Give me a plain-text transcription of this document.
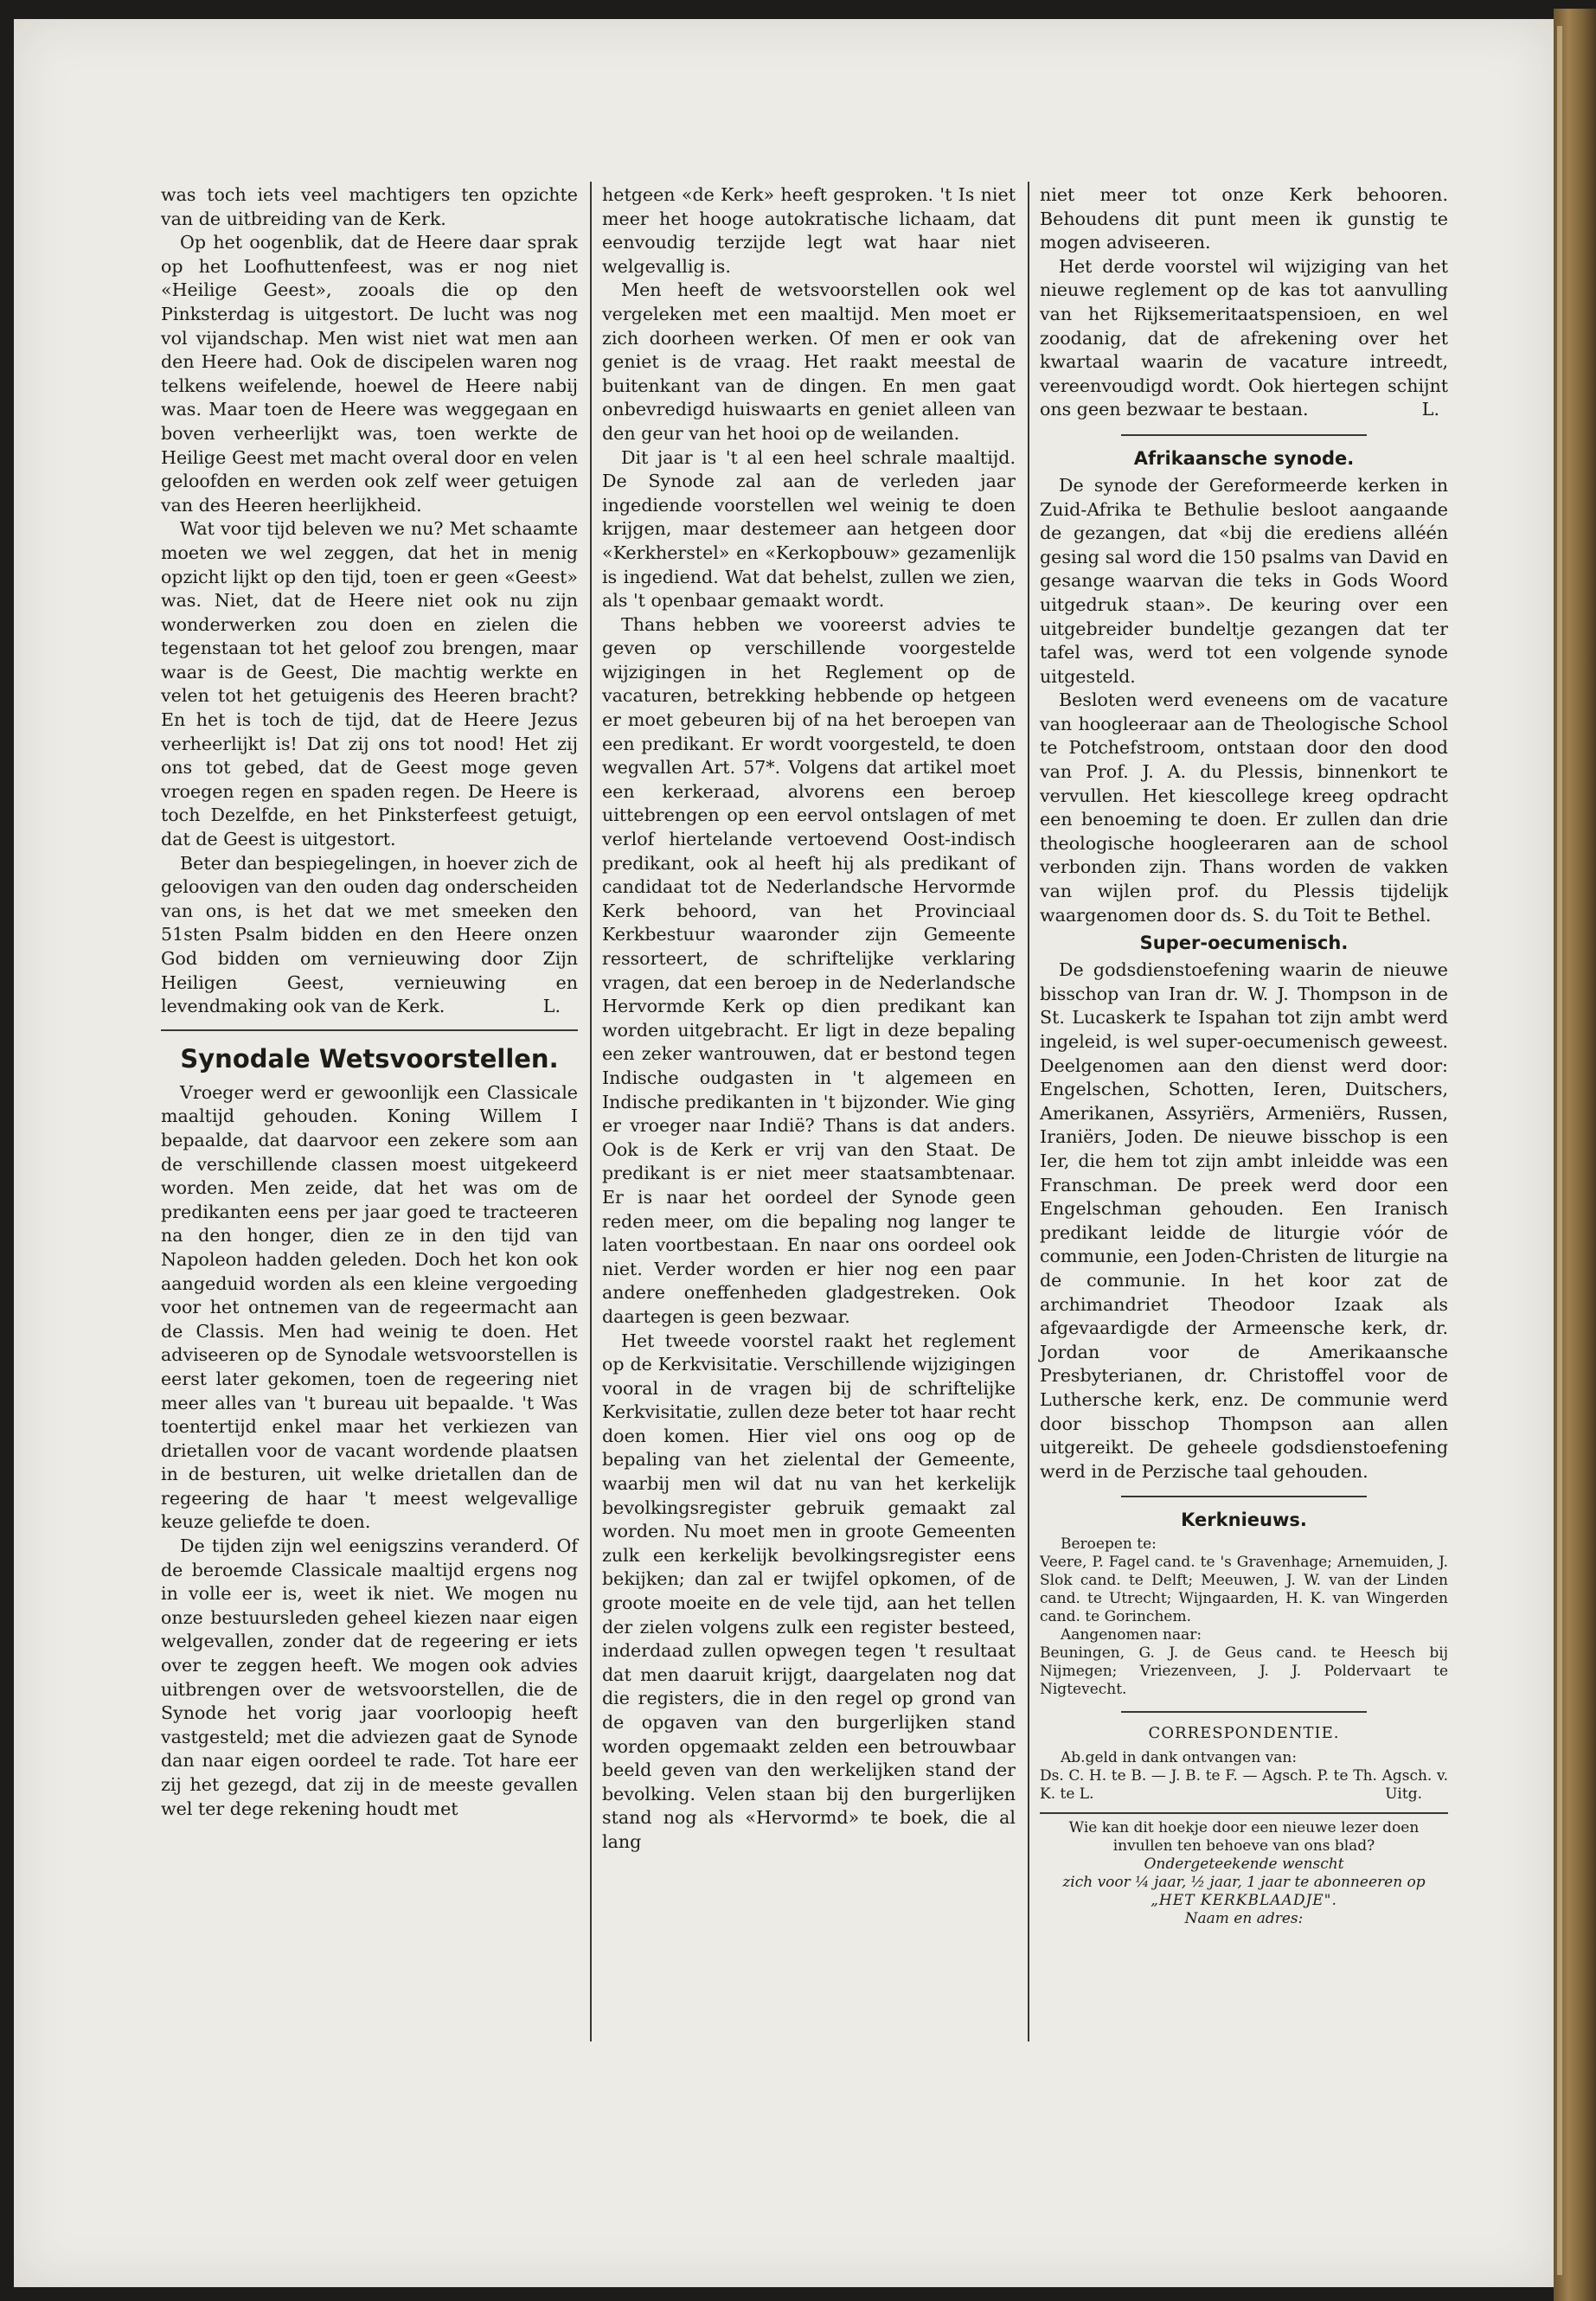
was toch iets veel machtigers ten opzichte van de uitbreiding van de Kerk.

Op het oogenblik, dat de Heere daar sprak op het Loofhuttenfeest, was er nog niet «Heilige Geest», zooals die op den Pinksterdag is uitgestort. De lucht was nog vol vijandschap. Men wist niet wat men aan den Heere had. Ook de discipelen waren nog telkens weifelende, hoewel de Heere nabij was. Maar toen de Heere was weggegaan en boven verheerlijkt was, toen werkte de Heilige Geest met macht overal door en velen geloofden en werden ook zelf weer getuigen van des Heeren heerlijkheid.

Wat voor tijd beleven we nu? Met schaamte moeten we wel zeggen, dat het in menig opzicht lijkt op den tijd, toen er geen «Geest» was. Niet, dat de Heere niet ook nu zijn wonderwerken zou doen en zielen die tegenstaan tot het geloof zou brengen, maar waar is de Geest, Die machtig werkte en velen tot het getuigenis des Heeren bracht? En het is toch de tijd, dat de Heere Jezus verheerlijkt is! Dat zij ons tot nood! Het zij ons tot gebed, dat de Geest moge geven vroegen regen en spaden regen. De Heere is toch Dezelfde, en het Pinksterfeest getuigt, dat de Geest is uitgestort.

Beter dan bespiegelingen, in hoever zich de geloovigen van den ouden dag onderscheiden van ons, is het dat we met smeeken den 51sten Psalm bidden en den Heere onzen God bidden om vernieuwing door Zijn Heiligen Geest, vernieuwing en levendmaking ook van de Kerk.	L.

Synodale Wetsvoorstellen.

Vroeger werd er gewoonlijk een Classicale maaltijd gehouden. Koning Willem I bepaalde, dat daarvoor een zekere som aan de verschillende classen moest uitgekeerd worden. Men zeide, dat het was om de predikanten eens per jaar goed te tracteeren na den honger, dien ze in den tijd van Napoleon hadden geleden. Doch het kon ook aangeduid worden als een kleine vergoeding voor het ontnemen van de regeermacht aan de Classis. Men had weinig te doen. Het adviseeren op de Synodale wetsvoorstellen is eerst later gekomen, toen de regeering niet meer alles van 't bureau uit bepaalde. 't Was toentertijd enkel maar het verkiezen van drietallen voor de vacant wordende plaatsen in de besturen, uit welke drietallen dan de regeering de haar 't meest welgevallige keuze geliefde te doen.

De tijden zijn wel eenigszins veranderd. Of de beroemde Classicale maaltijd ergens nog in volle eer is, weet ik niet. We mogen nu onze bestuursleden geheel kiezen naar eigen welgevallen, zonder dat de regeering er iets over te zeggen heeft. We mogen ook advies uitbrengen over de wetsvoorstellen, die de Synode het vorig jaar voorloopig heeft vastgesteld; met die adviezen gaat de Synode dan naar eigen oordeel te rade. Tot hare eer zij het gezegd, dat zij in de meeste gevallen wel ter dege rekening houdt met

hetgeen «de Kerk» heeft gesproken. 't Is niet meer het hooge autokratische lichaam, dat eenvoudig terzijde legt wat haar niet welgevallig is.

Men heeft de wetsvoorstellen ook wel vergeleken met een maaltijd. Men moet er zich doorheen werken. Of men er ook van geniet is de vraag. Het raakt meestal de buitenkant van de dingen. En men gaat onbevredigd huiswaarts en geniet alleen van den geur van het hooi op de weilanden.

Dit jaar is 't al een heel schrale maaltijd. De Synode zal aan de verleden jaar ingediende voorstellen wel weinig te doen krijgen, maar destemeer aan hetgeen door «Kerkherstel» en «Kerkopbouw» gezamenlijk is ingediend. Wat dat behelst, zullen we zien, als 't openbaar gemaakt wordt.

Thans hebben we vooreerst advies te geven op verschillende voorgestelde wijzigingen in het Reglement op de vacaturen, betrekking hebbende op hetgeen er moet gebeuren bij of na het beroepen van een predikant. Er wordt voorgesteld, te doen wegvallen Art. 57*. Volgens dat artikel moet een kerkeraad, alvorens een beroep uittebrengen op een eervol ontslagen of met verlof hiertelande vertoevend Oost-indisch predikant, ook al heeft hij als predikant of candidaat tot de Nederlandsche Hervormde Kerk behoord, van het Provinciaal Kerkbestuur waaronder zijn Gemeente ressorteert, de schriftelijke verklaring vragen, dat een beroep in de Nederlandsche Hervormde Kerk op dien predikant kan worden uitgebracht. Er ligt in deze bepaling een zeker wantrouwen, dat er bestond tegen Indische oudgasten in 't algemeen en Indische predikanten in 't bijzonder. Wie ging er vroeger naar Indië? Thans is dat anders. Ook is de Kerk er vrij van den Staat. De predikant is er niet meer staatsambtenaar. Er is naar het oordeel der Synode geen reden meer, om die bepaling nog langer te laten voortbestaan. En naar ons oordeel ook niet. Verder worden er hier nog een paar andere oneffenheden gladgestreken. Ook daartegen is geen bezwaar.

Het tweede voorstel raakt het reglement op de Kerkvisitatie. Verschillende wijzigingen vooral in de vragen bij de schriftelijke Kerkvisitatie, zullen deze beter tot haar recht doen komen. Hier viel ons oog op de bepaling van het zielental der Gemeente, waarbij men wil dat nu van het kerkelijk bevolkingsregister gebruik gemaakt zal worden. Nu moet men in groote Gemeenten zulk een kerkelijk bevolkingsregister eens bekijken; dan zal er twijfel opkomen, of de groote moeite en de vele tijd, aan het tellen der zielen volgens zulk een register besteed, inderdaad zullen opwegen tegen 't resultaat dat men daaruit krijgt, daargelaten nog dat die registers, die in den regel op grond van de opgaven van den burgerlijken stand worden opgemaakt zelden een betrouwbaar beeld geven van den werkelijken stand der bevolking. Velen staan bij den burgerlijken stand nog als «Hervormd» te boek, die al lang

niet meer tot onze Kerk behooren. Behoudens dit punt meen ik gunstig te mogen adviseeren.

Het derde voorstel wil wijziging van het nieuwe reglement op de kas tot aanvulling van het Rijksemeritaatspensioen, en wel zoodanig, dat de afrekening over het kwartaal waarin de vacature intreedt, vereenvoudigd wordt. Ook hiertegen schijnt ons geen bezwaar te bestaan.	L.

Afrikaansche synode.

De synode der Gereformeerde kerken in Zuid-Afrika te Bethulie besloot aangaande de gezangen, dat «bij die erediens alléén gesing sal word die 150 psalms van David en gesange waarvan die teks in Gods Woord uitgedruk staan». De keuring over een uitgebreider bundeltje gezangen dat ter tafel was, werd tot een volgende synode uitgesteld.

Besloten werd eveneens om de vacature van hoogleeraar aan de Theologische School te Potchefstroom, ontstaan door den dood van Prof. J. A. du Plessis, binnenkort te vervullen. Het kiescollege kreeg opdracht een benoeming te doen. Er zullen dan drie theologische hoogleeraren aan de school verbonden zijn. Thans worden de vakken van wijlen prof. du Plessis tijdelijk waargenomen door ds. S. du Toit te Bethel.

Super-oecumenisch.

De godsdienstoefening waarin de nieuwe bisschop van Iran dr. W. J. Thompson in de St. Lucaskerk te Ispahan tot zijn ambt werd ingeleid, is wel super-oecumenisch geweest. Deelgenomen aan den dienst werd door: Engelschen, Schotten, Ieren, Duitschers, Amerikanen, Assyriërs, Armeniërs, Russen, Iraniërs, Joden. De nieuwe bisschop is een Ier, die hem tot zijn ambt inleidde was een Franschman. De preek werd door een Engelschman gehouden. Een Iranisch predikant leidde de liturgie vóór de communie, een Joden-Christen de liturgie na de communie. In het koor zat de archimandriet Theodoor Izaak als afgevaardigde der Armeensche kerk, dr. Jordan voor de Amerikaansche Presbyterianen, dr. Christoffel voor de Luthersche kerk, enz. De communie werd door bisschop Thompson aan allen uitgereikt. De geheele godsdienstoefening werd in de Perzische taal gehouden.

Kerknieuws.

Beroepen te:

Veere, P. Fagel cand. te 's Gravenhage; Arnemuiden, J. Slok cand. te Delft; Meeuwen, J. W. van der Linden cand. te Utrecht; Wijngaarden, H. K. van Wingerden cand. te Gorinchem.

Aangenomen naar:

Beuningen, G. J. de Geus cand. te Heesch bij Nijmegen; Vriezenveen, J. J. Poldervaart te Nigtevecht.

CORRESPONDENTIE.

Ab.geld in dank ontvangen van:

Ds. C. H. te B. — J. B. te F. — Agsch. P. te Th. Agsch. v. K. te L.	Uitg.

Wie kan dit hoekje door een nieuwe lezer doen invullen ten behoeve van ons blad?

Ondergeteekende wenscht

zich voor ¼ jaar, ½ jaar, 1 jaar te abonneeren op

„HET KERKBLAADJE".

Naam en adres:
